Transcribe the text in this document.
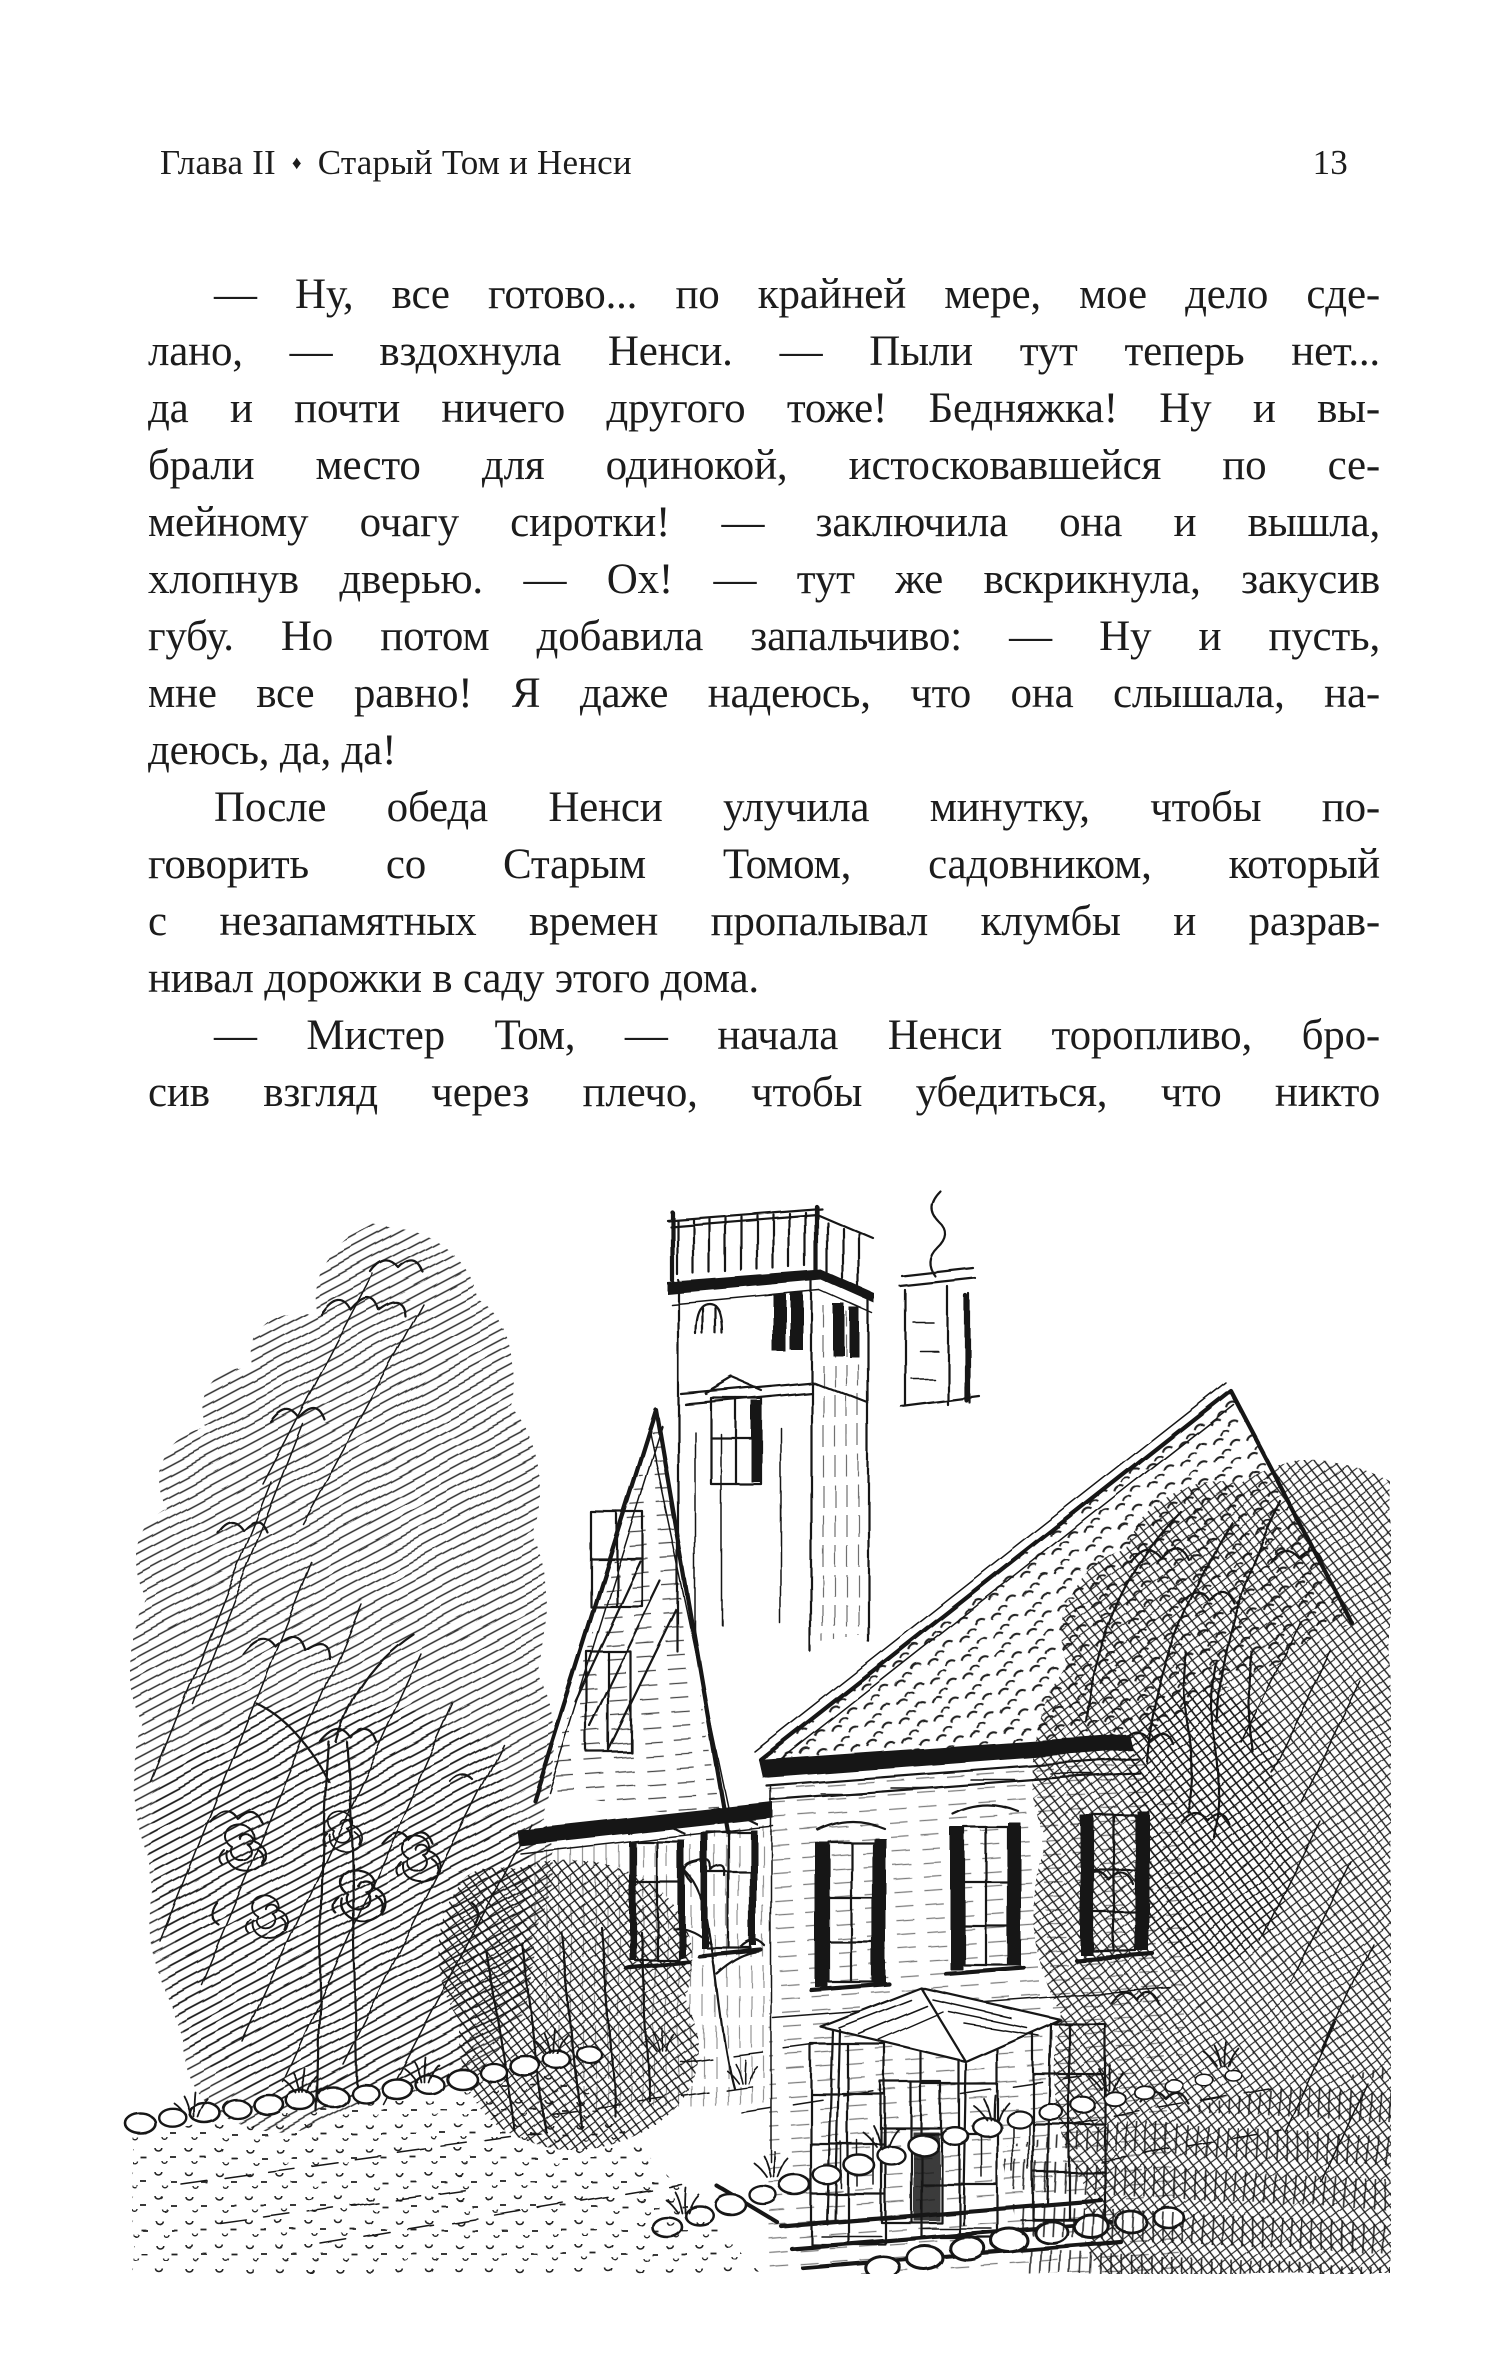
Глава II ♦ Старый Том и Ненси	13
— Ну, все готово... по крайней мере, мое дело сде-
лано, — вздохнула Ненси. — Пыли тут теперь нет...
да и почти ничего другого тоже! Бедняжка! Ну и вы-
брали место для одинокой, истосковавшейся по се-
мейному очагу сиротки! — заключила она и вышла,
хлопнув дверью. — Ох! — тут же вскрикнула, закусив
губу. Но потом добавила запальчиво: — Ну и пусть,
мне все равно! Я даже надеюсь, что она слышала, на-
деюсь, да, да!
После обеда Ненси улучила минутку, чтобы по-
говорить со Старым Томом, садовником, который
с незапамятных времен пропалывал клумбы и разрав-
нивал дорожки в саду этого дома.
— Мистер Том, — начала Ненси торопливо, бро-
сив взгляд через плечо, чтобы убедиться, что никто
